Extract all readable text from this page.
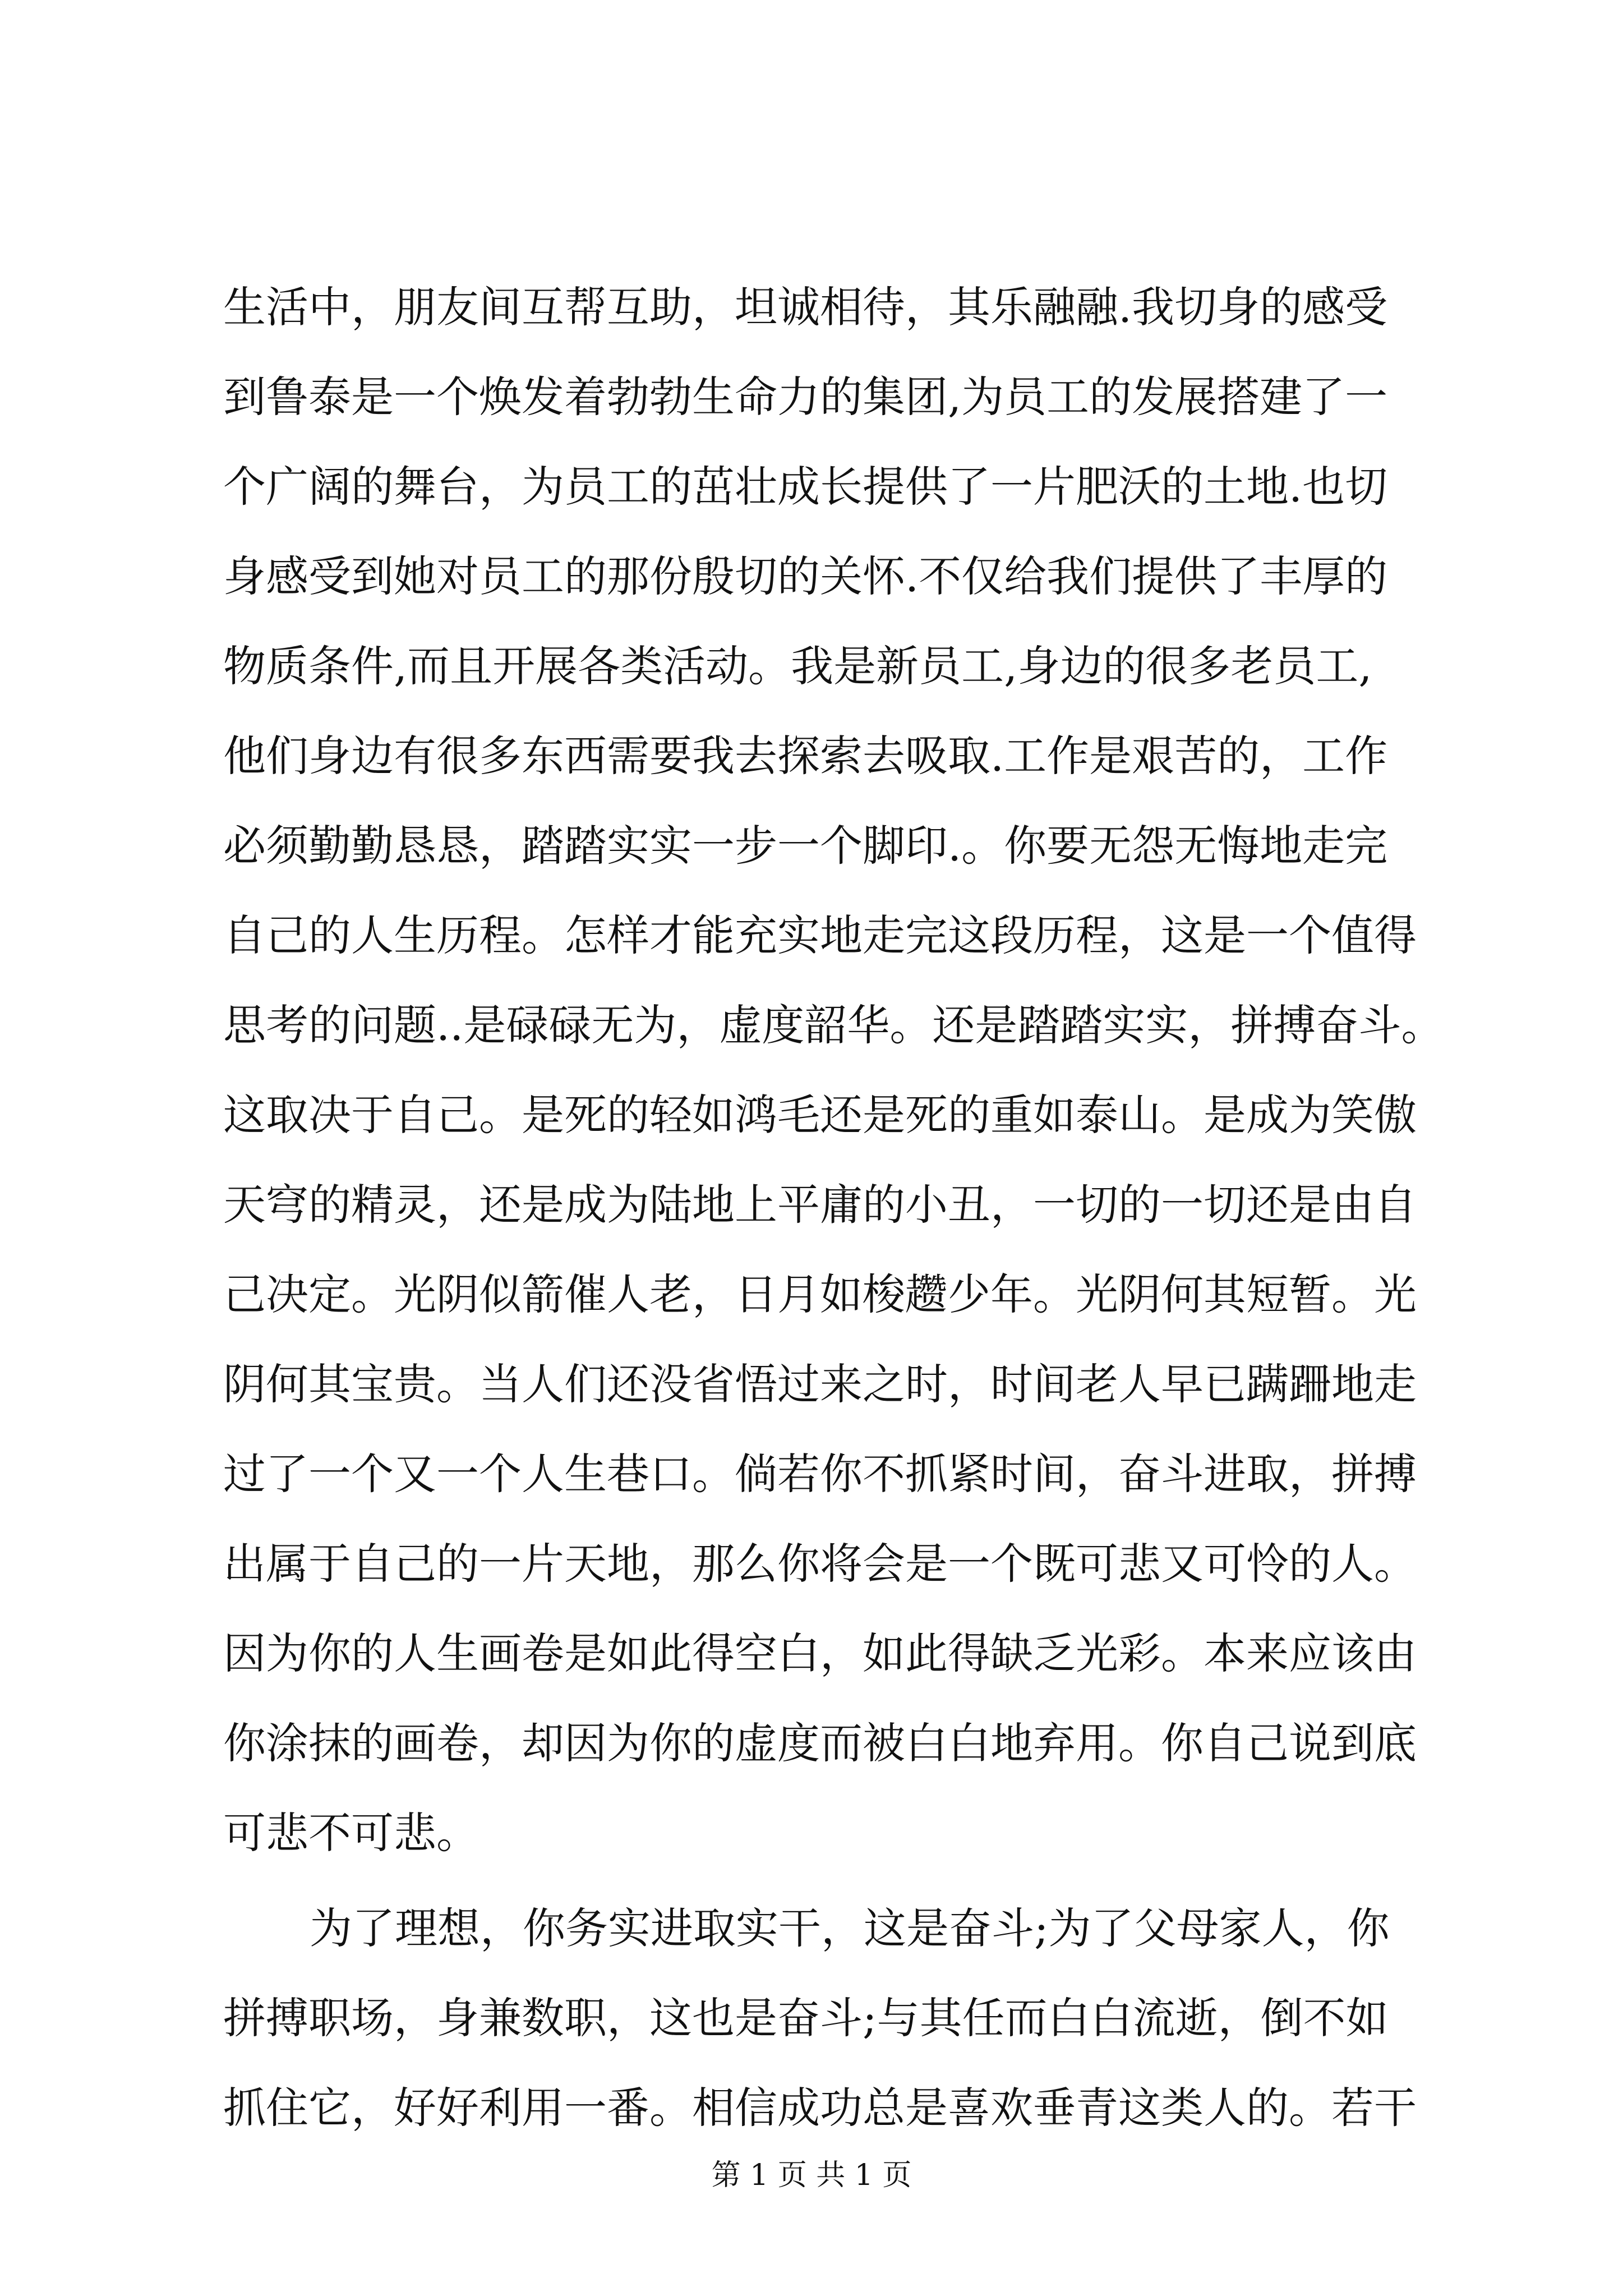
生活中，朋友间互帮互助，坦诚相待，其乐融融.我切身的感受
到鲁泰是一个焕发着勃勃生命力的集团,为员工的发展搭建了一
个广阔的舞台，为员工的茁壮成长提供了一片肥沃的土地.也切
身感受到她对员工的那份殷切的关怀.不仅给我们提供了丰厚的
物质条件,而且开展各类活动。我是新员工,身边的很多老员工,
他们身边有很多东西需要我去探索去吸取.工作是艰苦的，工作
必须勤勤恳恳，踏踏实实一步一个脚印.。你要无怨无悔地走完
自己的人生历程。怎样才能充实地走完这段历程，这是一个值得
思考的问题..是碌碌无为，虚度韶华。还是踏踏实实，拼搏奋斗。
这取决于自己。是死的轻如鸿毛还是死的重如泰山。是成为笑傲
天穹的精灵，还是成为陆地上平庸的小丑，一切的一切还是由自
己决定。光阴似箭催人老，日月如梭趱少年。光阴何其短暂。光
阴何其宝贵。当人们还没省悟过来之时，时间老人早已蹒跚地走
过了一个又一个人生巷口。倘若你不抓紧时间，奋斗进取，拼搏
出属于自己的一片天地，那么你将会是一个既可悲又可怜的人。
因为你的人生画卷是如此得空白，如此得缺乏光彩。本来应该由
你涂抹的画卷，却因为你的虚度而被白白地弃用。你自己说到底
可悲不可悲。
为了理想，你务实进取实干，这是奋斗;为了父母家人，你
拼搏职场，身兼数职，这也是奋斗;与其任而白白流逝，倒不如
抓住它，好好利用一番。相信成功总是喜欢垂青这类人的。若干
第 1 页 共 1 页
